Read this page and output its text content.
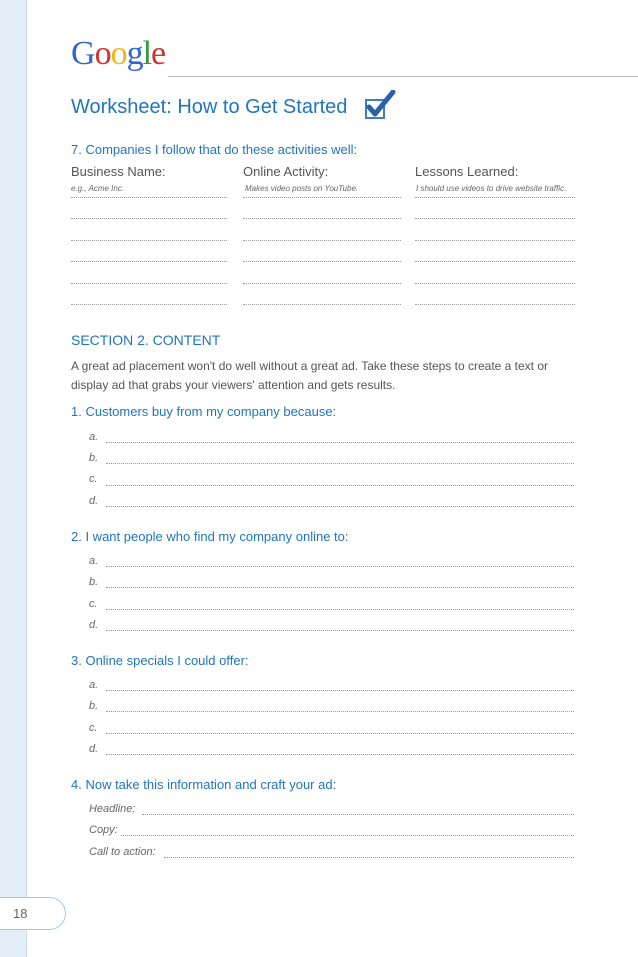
18
Google
Worksheet: How to Get Started
7. Companies I follow that do these activities well:
Business Name:	Online Activity:	Lessons Learned:
e.g., Acme Inc.	Makes video posts on YouTube.	I should use videos to drive website traffic.
SECTION 2. CONTENT
A great ad placement won't do well without a great ad. Take these steps to create a text or display ad that grabs your viewers' attention and gets results.
1. Customers buy from my company because:
a.
b.
c.
d.
2. I want people who find my company online to:
a.
b.
c.
d.
3. Online specials I could offer:
a.
b.
c.
d.
4. Now take this information and craft your ad:
Headline:
Copy:
Call to action:
